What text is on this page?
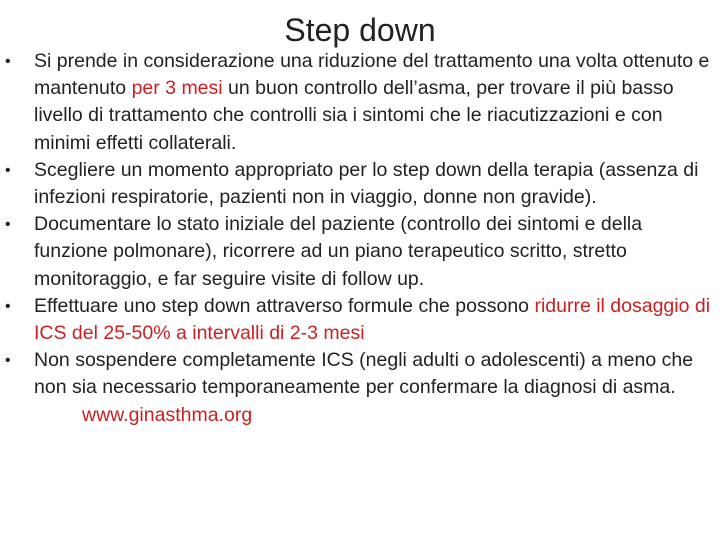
Step down
• Si prende in considerazione una riduzione del trattamento una volta ottenuto e mantenuto per 3 mesi un buon controllo dell’asma, per trovare il più basso livello di trattamento che controlli sia i sintomi che le riacutizzazioni e con minimi effetti collaterali.
• Scegliere un momento appropriato per lo step down della terapia (assenza di infezioni respiratorie, pazienti non in viaggio, donne non gravide).
• Documentare lo stato iniziale del paziente (controllo dei sintomi e della funzione polmonare), ricorrere ad un piano terapeutico scritto, stretto monitoraggio, e far seguire visite di follow up.
• Effettuare uno step down attraverso formule che possono ridurre il dosaggio di ICS del 25-50% a intervalli di 2-3 mesi
• Non sospendere completamente ICS (negli adulti o adolescenti) a meno che non sia necessario temporaneamente per confermare la diagnosi di asma.www.ginasthma.org
